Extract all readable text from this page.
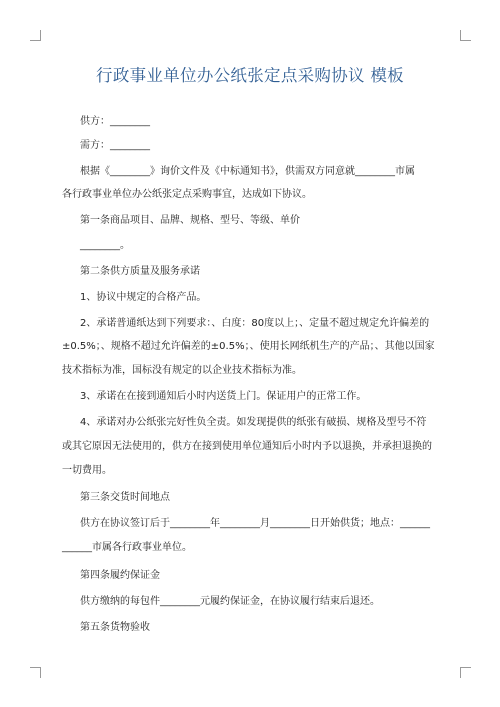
行政事业单位办公纸张定点采购协议 模板
供方：________
需方：________
根据《________》询价文件及《中标通知书》，供需双方同意就________市属
各行政事业单位办公纸张定点采购事宜，达成如下协议。
第一条商品项目、品牌、规格、型号、等级、单价
________。
第二条供方质量及服务承诺
1、协议中规定的合格产品。
2、承诺普通纸达到下列要求：、白度：80度以上；、定量不超过规定允许偏差的
±0.5%；、规格不超过允许偏差的±0.5%；、使用长网纸机生产的产品；、其他以国家
技术指标为准，国标没有规定的以企业技术指标为准。
3、承诺在在接到通知后小时内送货上门。保证用户的正常工作。
4、承诺对办公纸张完好性负全责。如发现提供的纸张有破损、规格及型号不符
或其它原因无法使用的，供方在接到使用单位通知后小时内予以退换，并承担退换的
一切费用。
第三条交货时间地点
供方在协议签订后于________年________月________日开始供货；地点：______
______市属各行政事业单位。
第四条履约保证金
供方缴纳的每包件________元履约保证金，在协议履行结束后退还。
第五条货物验收
